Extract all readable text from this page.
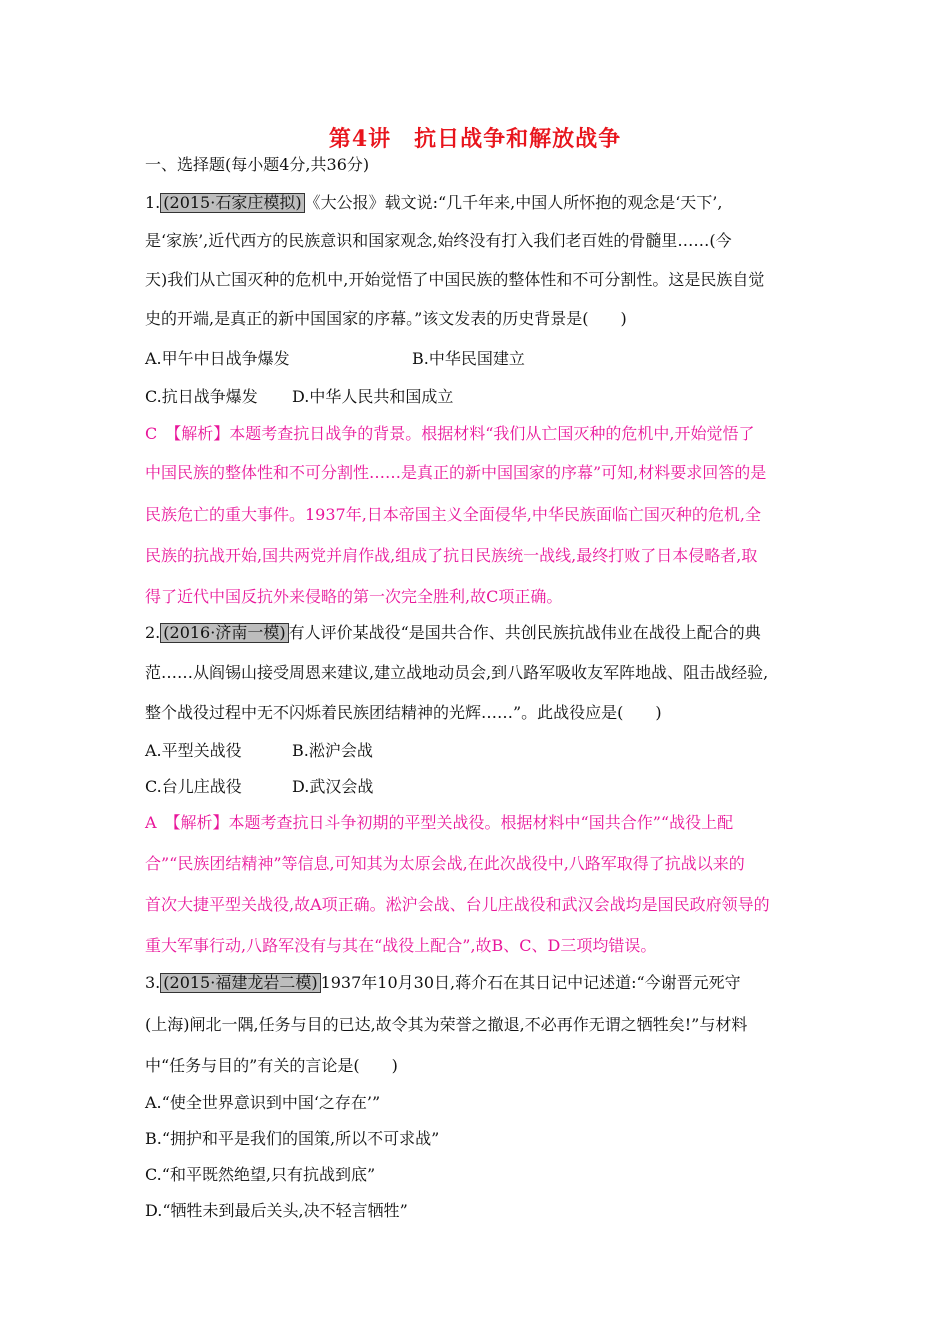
第4讲　抗日战争和解放战争
一、选择题(每小题4分,共36分)
1. (2015·石家庄模拟) 《大公报》载文说:“几千年来,中国人所怀抱的观念是‘天下’,
是‘家族’,近代西方的民族意识和国家观念,始终没有打入我们老百姓的骨髓里……(今
天)我们从亡国灭种的危机中,开始觉悟了中国民族的整体性和不可分割性。这是民族自觉
史的开端,是真正的新中国国家的序幕。”该文发表的历史背景是(　　)
A.甲午中日战争爆发	B.中华民国建立
C.抗日战争爆发 D.中华人民共和国成立
C　【解析】本题考查抗日战争的背景。根据材料“我们从亡国灭种的危机中,开始觉悟了
中国民族的整体性和不可分割性……是真正的新中国国家的序幕”可知,材料要求回答的是
民族危亡的重大事件。1937年,日本帝国主义全面侵华,中华民族面临亡国灭种的危机,全
民族的抗战开始,国共两党并肩作战,组成了抗日民族统一战线,最终打败了日本侵略者,取
得了近代中国反抗外来侵略的第一次完全胜利,故C项正确。
2. (2016·济南一模) 有人评价某战役“是国共合作、共创民族抗战伟业在战役上配合的典
范……从阎锡山接受周恩来建议,建立战地动员会,到八路军吸收友军阵地战、阻击战经验,
整个战役过程中无不闪烁着民族团结精神的光辉……”。此战役应是(　　)
A.平型关战役	B.淞沪会战
C.台儿庄战役	D.武汉会战
A　【解析】本题考查抗日斗争初期的平型关战役。根据材料中“国共合作”“战役上配
合”“民族团结精神”等信息,可知其为太原会战,在此次战役中,八路军取得了抗战以来的
首次大捷平型关战役,故A项正确。淞沪会战、台儿庄战役和武汉会战均是国民政府领导的
重大军事行动,八路军没有与其在“战役上配合”,故B、C、D三项均错误。
3. (2015·福建龙岩二模) 1937年10月30日,蒋介石在其日记中记述道:“今谢晋元死守
(上海)闸北一隅,任务与目的已达,故令其为荣誉之撤退,不必再作无谓之牺牲矣!”与材料
中“任务与目的”有关的言论是(　　)
A.“使全世界意识到中国‘之存在’”
B.“拥护和平是我们的国策,所以不可求战”
C.“和平既然绝望,只有抗战到底”
D.“牺牲未到最后关头,决不轻言牺牲”
